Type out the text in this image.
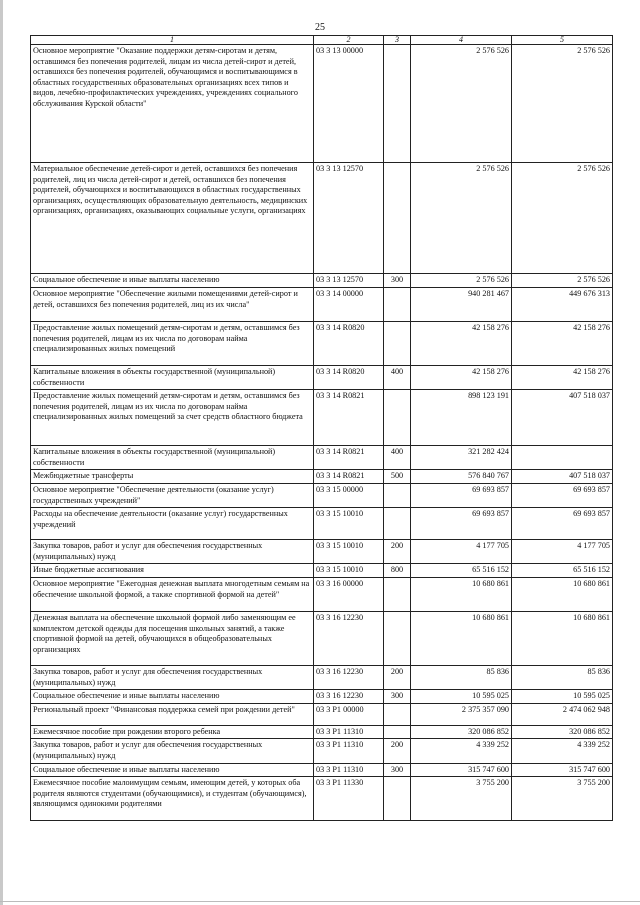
25
1	2	3	4	5
Основное мероприятие "Оказание поддержки детям-сиротам и детям, оставшимся без попечения родителей, лицам из числа детей-сирот и детей, оставшихся без попечения родителей, обучающимся и воспитывающимся в областных государственных образовательных организациях всех типов и видов, лечебно-профилактических учреждениях, учреждениях социального обслуживания Курской области"	03 3 13 00000		2 576 526	2 576 526
Материальное обеспечение детей-сирот и детей, оставшихся без попечения родителей, лиц из числа детей-сирот и детей, оставшихся без попечения родителей, обучающихся и воспитывающихся в областных государственных организациях, осуществляющих образовательную деятельность, медицинских организациях, организациях, оказывающих социальные услуги, организациях	03 3 13 12570		2 576 526	2 576 526
Социальное обеспечение и иные выплаты населению	03 3 13 12570	300	2 576 526	2 576 526
Основное мероприятие "Обеспечение жилыми помещениями детей-сирот и детей, оставшихся без попечения родителей, лиц из их числа"	03 3 14 00000		940 281 467	449 676 313
Предоставление жилых помещений детям-сиротам и детям, оставшимся без попечения родителей, лицам из их числа по договорам найма специализированных жилых помещений	03 3 14 R0820		42 158 276	42 158 276
Капитальные вложения в объекты государственной (муниципальной) собственности	03 3 14 R0820	400	42 158 276	42 158 276
Предоставление жилых помещений детям-сиротам и детям, оставшимся без попечения родителей, лицам из их числа по договорам найма специализированных жилых помещений за счет средств областного бюджета	03 3 14 R0821		898 123 191	407 518 037
Капитальные вложения в объекты государственной (муниципальной) собственности	03 3 14 R0821	400	321 282 424	
Межбюджетные трансферты	03 3 14 R0821	500	576 840 767	407 518 037
Основное мероприятие "Обеспечение деятельности (оказание услуг) государственных учреждений"	03 3 15 00000		69 693 857	69 693 857
Расходы на обеспечение деятельности (оказание услуг) государственных учреждений	03 3 15 10010		69 693 857	69 693 857
Закупка товаров, работ и услуг для обеспечения государственных (муниципальных) нужд	03 3 15 10010	200	4 177 705	4 177 705
Иные бюджетные ассигнования	03 3 15 10010	800	65 516 152	65 516 152
Основное мероприятие "Ежегодная денежная выплата многодетным семьям на обеспечение школьной формой, а также спортивной формой на детей"	03 3 16 00000		10 680 861	10 680 861
Денежная выплата на обеспечение школьной формой либо заменяющим ее комплектом детской одежды для посещения школьных занятий, а также спортивной формой на детей, обучающихся в общеобразовательных организациях	03 3 16 12230		10 680 861	10 680 861
Закупка товаров, работ и услуг для обеспечения государственных (муниципальных) нужд	03 3 16 12230	200	85 836	85 836
Социальное обеспечение и иные выплаты населению	03 3 16 12230	300	10 595 025	10 595 025
Региональный проект "Финансовая поддержка семей при рождении детей"	03 3 P1 00000		2 375 357 090	2 474 062 948
Ежемесячное пособие при рождении второго ребенка	03 3 P1 11310		320 086 852	320 086 852
Закупка товаров, работ и услуг для обеспечения государственных (муниципальных) нужд	03 3 P1 11310	200	4 339 252	4 339 252
Социальное обеспечение и иные выплаты населению	03 3 P1 11310	300	315 747 600	315 747 600
Ежемесячное пособие малоимущим семьям, имеющим детей, у которых оба родителя являются студентами (обучающимися), и студентам (обучающимся), являющимся одинокими родителями	03 3 P1 11330		3 755 200	3 755 200
